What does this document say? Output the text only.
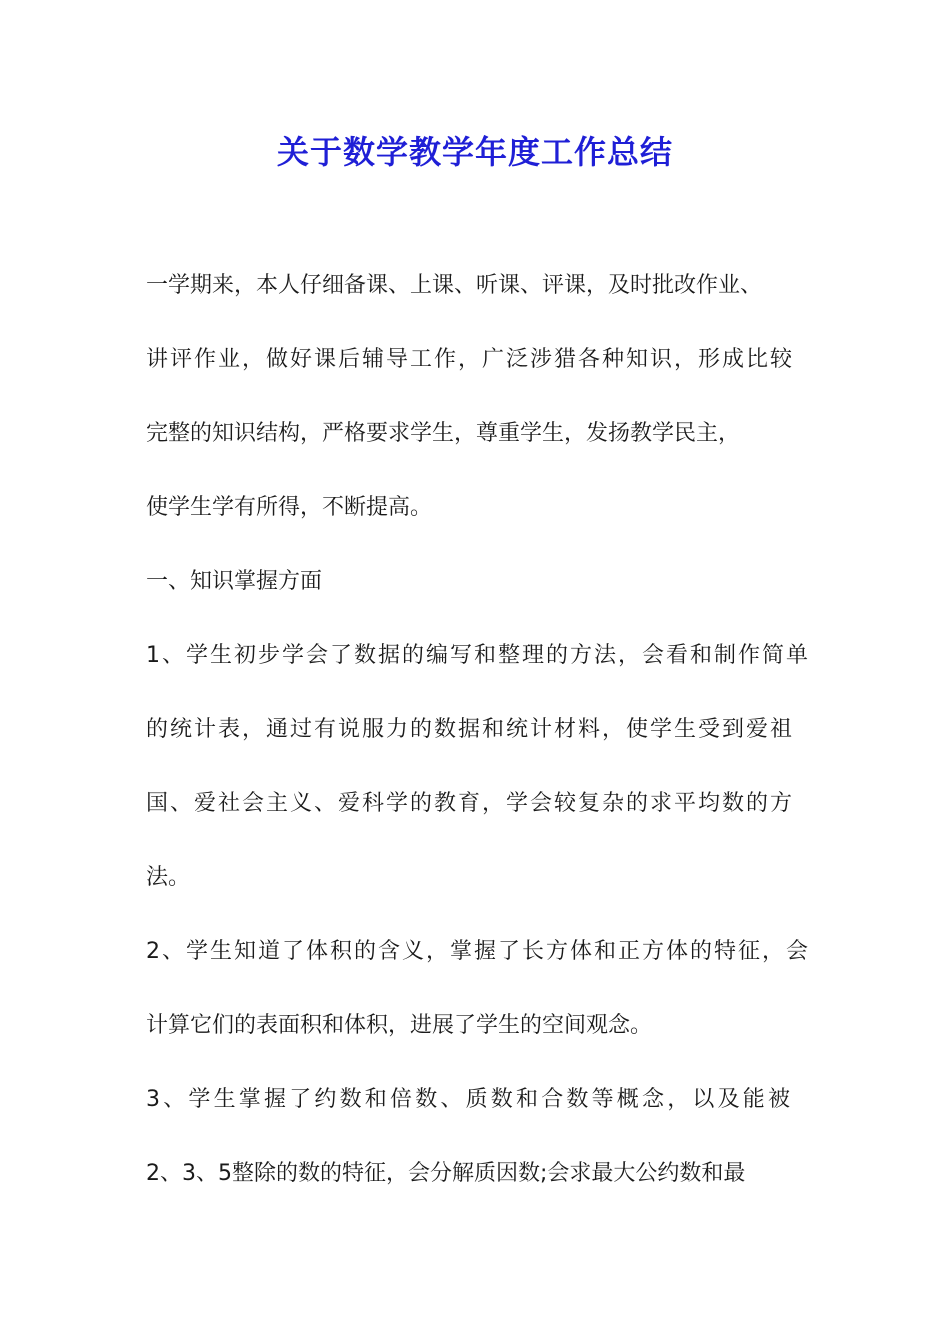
关于数学教学年度工作总结
一学期来，本人仔细备课、上课、听课、评课，及时批改作业、
讲评作业，做好课后辅导工作，广泛涉猎各种知识，形成比较
完整的知识结构，严格要求学生，尊重学生，发扬教学民主，
使学生学有所得，不断提高。
一、知识掌握方面
1、学生初步学会了数据的编写和整理的方法，会看和制作简单
的统计表，通过有说服力的数据和统计材料，使学生受到爱祖
国、爱社会主义、爱科学的教育，学会较复杂的求平均数的方
法。
2、学生知道了体积的含义，掌握了长方体和正方体的特征，会
计算它们的表面积和体积，进展了学生的空间观念。
3、学生掌握了约数和倍数、质数和合数等概念，以及能被
2、3、5整除的数的特征，会分解质因数;会求最大公约数和最
